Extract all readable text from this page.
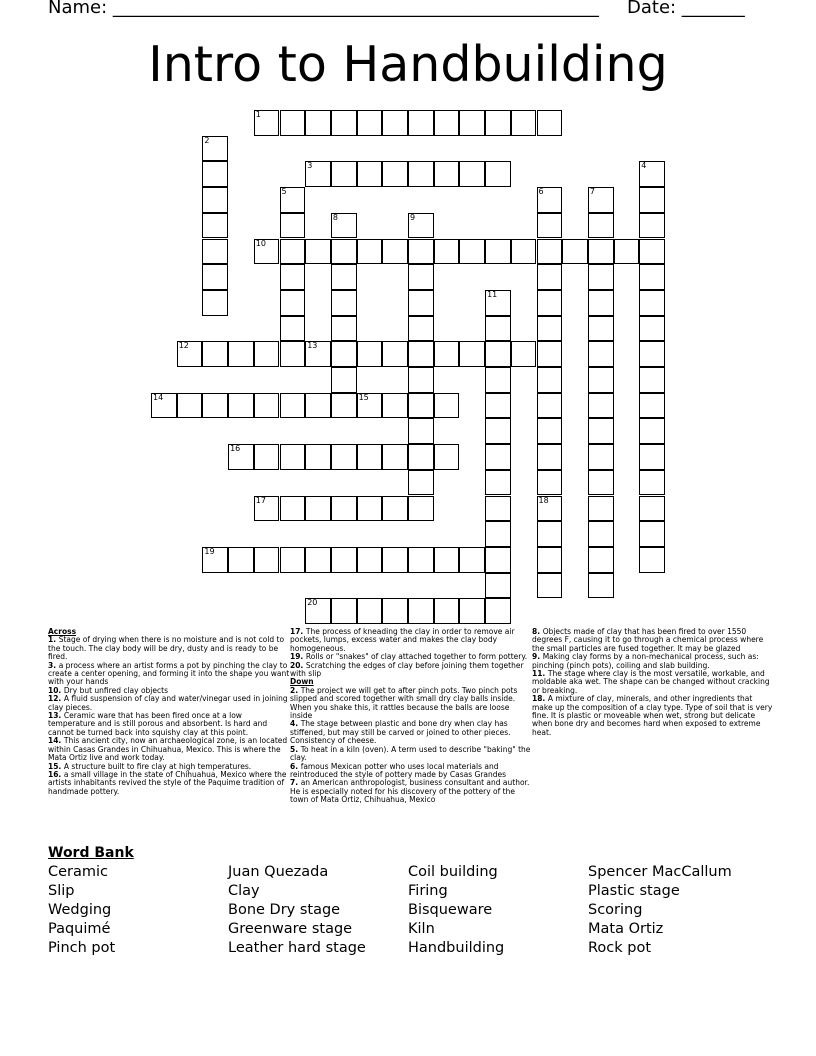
Name: ______________________________________________________ Date: _______
Intro to Handbuilding
1
2
3	4
5	6
18
7
8	9
10
11
12	13
14	15
16
17
19
20

Across

1. Stage of drying when there is no moisture and is not cold to the touch. The clay body will be dry, dusty and is ready to be fired.

3. a process where an artist forms a pot by pinching the clay to create a center opening, and forming it into the shape you want with your hands

10. Dry but unfired clay objects

12. A fluid suspension of clay and water/vinegar used in joining clay pieces.

13. Ceramic ware that has been fired once at a low temperature and is still porous and absorbent. Is hard and cannot be turned back into squishy clay at this point.

14. This ancient city, now an archaeological zone, is an located within Casas Grandes in Chihuahua, Mexico. This is where the Mata Ortiz live and work today.

15. A structure built to fire clay at high temperatures.

16. a small village in the state of Chihuahua, Mexico where the artists inhabitants revived the style of the Paquime tradition of handmade pottery.

17. The process of kneading the clay in order to remove air pockets, lumps, excess water and makes the clay body homogeneous.

19. Rolls or "snakes" of clay attached together to form pottery.

20. Scratching the edges of clay before joining them together with slip

Down

2. The project we will get to after pinch pots. Two pinch pots slipped and scored together with small dry clay balls inside. When you shake this, it rattles because the balls are loose inside

4. The stage between plastic and bone dry when clay has stiffened, but may still be carved or joined to other pieces. Consistency of cheese.

5. To heat in a kiln (oven). A term used to describe "baking" the clay.

6. famous Mexican potter who uses local materials and reintroduced the style of pottery made by Casas Grandes

7. an American anthropologist, business consultant and author. He is especially noted for his discovery of the pottery of the town of Mata Ortiz, Chihuahua, Mexico

8. Objects made of clay that has been fired to over 1550 degrees F, causing it to go through a chemical process where the small particles are fused together. It may be glazed

9. Making clay forms by a non-mechanical process, such as: pinching (pinch pots), coiling and slab building.

11. The stage where clay is the most versatile, workable, and moldable aka wet. The shape can be changed without cracking or breaking.

18. A mixture of clay, minerals, and other ingredients that make up the composition of a clay type. Type of soil that is very fine. It is plastic or moveable when wet, strong but delicate when bone dry and becomes hard when exposed to extreme heat.

Word Bank
Ceramic
Slip
Wedging
Paquimé
Pinch pot
Juan Quezada
Clay
Bone Dry stage
Greenware stage
Leather hard stage
Coil building
Firing
Bisqueware
Kiln
Handbuilding
Spencer MacCallum
Plastic stage
Scoring
Mata Ortiz
Rock pot
